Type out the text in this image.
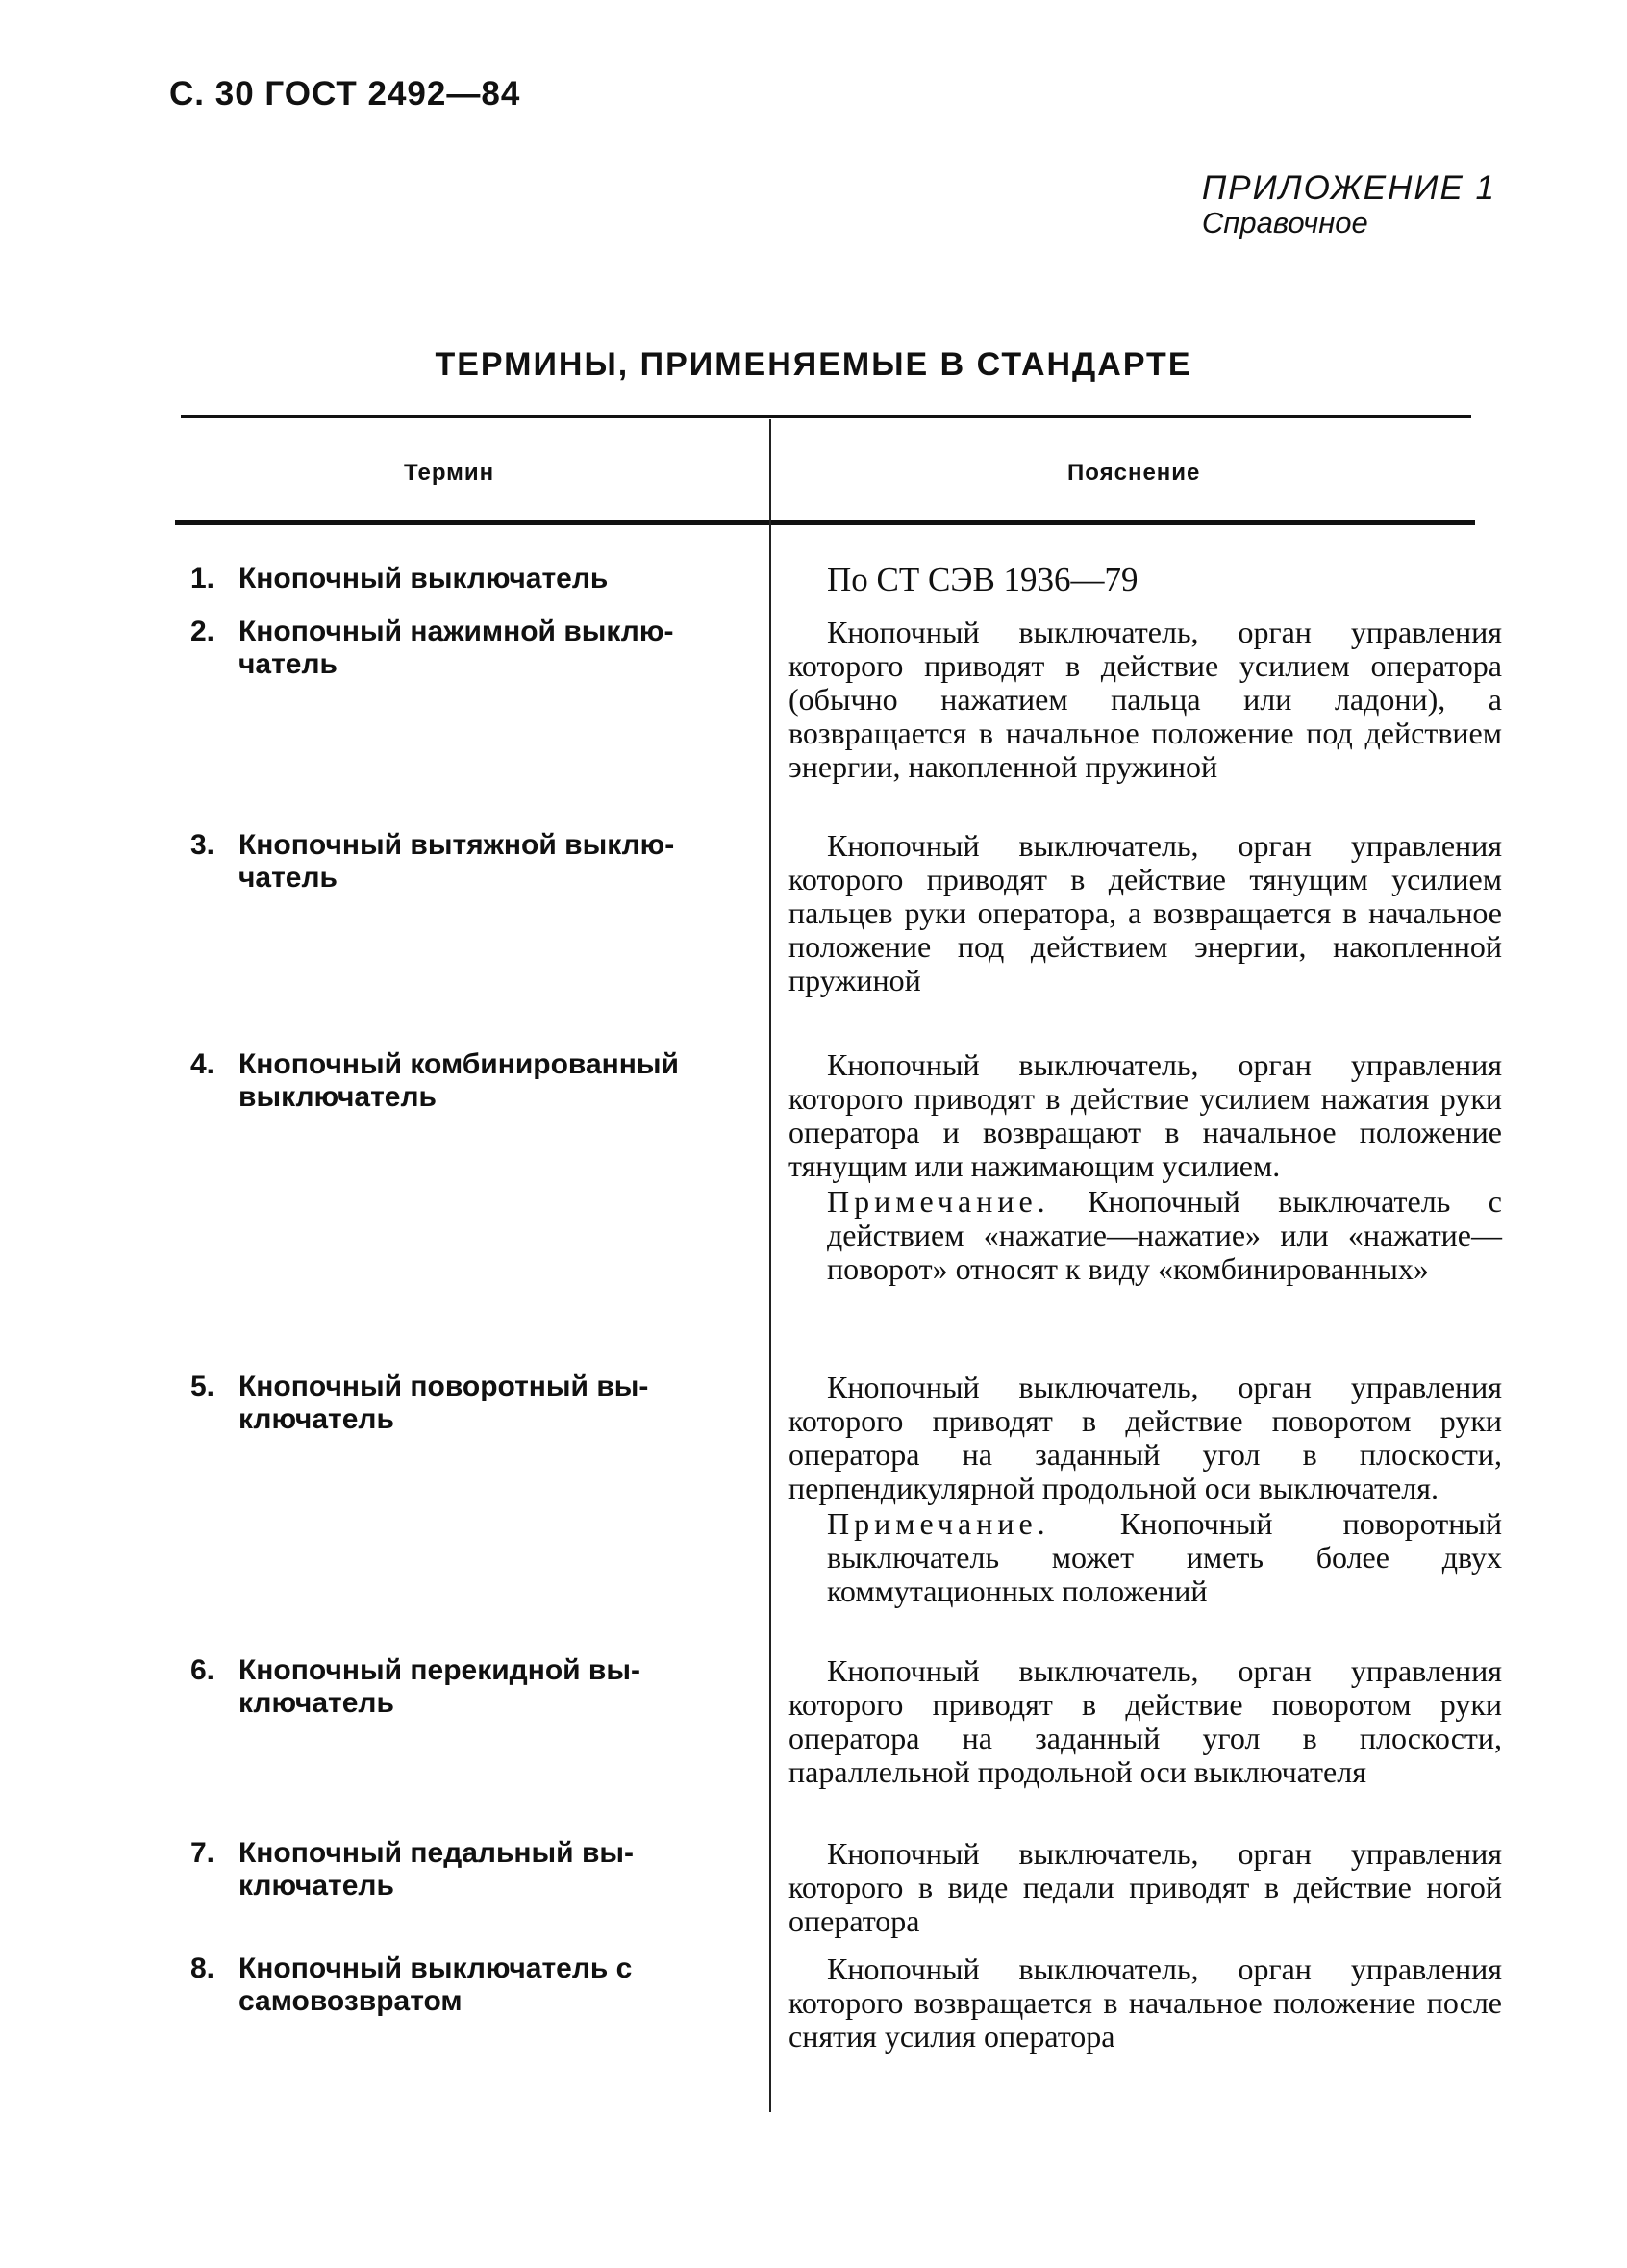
С. 30 ГОСТ 2492—84
ПРИЛОЖЕНИЕ 1
Справочное
ТЕРМИНЫ, ПРИМЕНЯЕМЫЕ В СТАНДАРТЕ
Термин	Пояснение
1. Кнопочный выключатель	По СТ СЭВ 1936—79
2. Кнопочный нажимной выклю-
чатель

Кнопочный выключатель, орган управления которого приводят в действие усилием оператора (обычно нажатием пальца или ладони), а возвращается в начальное положение под действием энергии, накопленной пружиной

3. Кнопочный вытяжной выклю-
чатель

Кнопочный выключатель, орган управления которого приводят в действие тянущим усилием пальцев руки оператора, а возвращается в начальное положение под действием энергии, накопленной пружиной

4. Кнопочный комбинированный
выключатель

Кнопочный выключатель, орган управления которого приводят в действие усилием нажатия руки оператора и возвращают в начальное положение тянущим или нажимающим усилием.

Примечание. Кнопочный выключатель с действием «нажатие—нажатие» или «нажатие—поворот» относят к виду «комбинированных»

5. Кнопочный поворотный вы-
ключатель

Кнопочный выключатель, орган управления которого приводят в действие поворотом руки оператора на заданный угол в плоскости, перпендикулярной продольной оси выключателя.

Примечание. Кнопочный поворотный выключатель может иметь более двух коммутационных положений

6. Кнопочный перекидной вы-
ключатель

Кнопочный выключатель, орган управления которого приводят в действие поворотом руки оператора на заданный угол в плоскости, параллельной продольной оси выключателя

7. Кнопочный педальный вы-
ключатель

Кнопочный выключатель, орган управления которого в виде педали приводят в действие ногой оператора

8. Кнопочный выключатель с
самовозвратом

Кнопочный выключатель, орган управления которого возвращается в начальное положение после снятия усилия оператора
